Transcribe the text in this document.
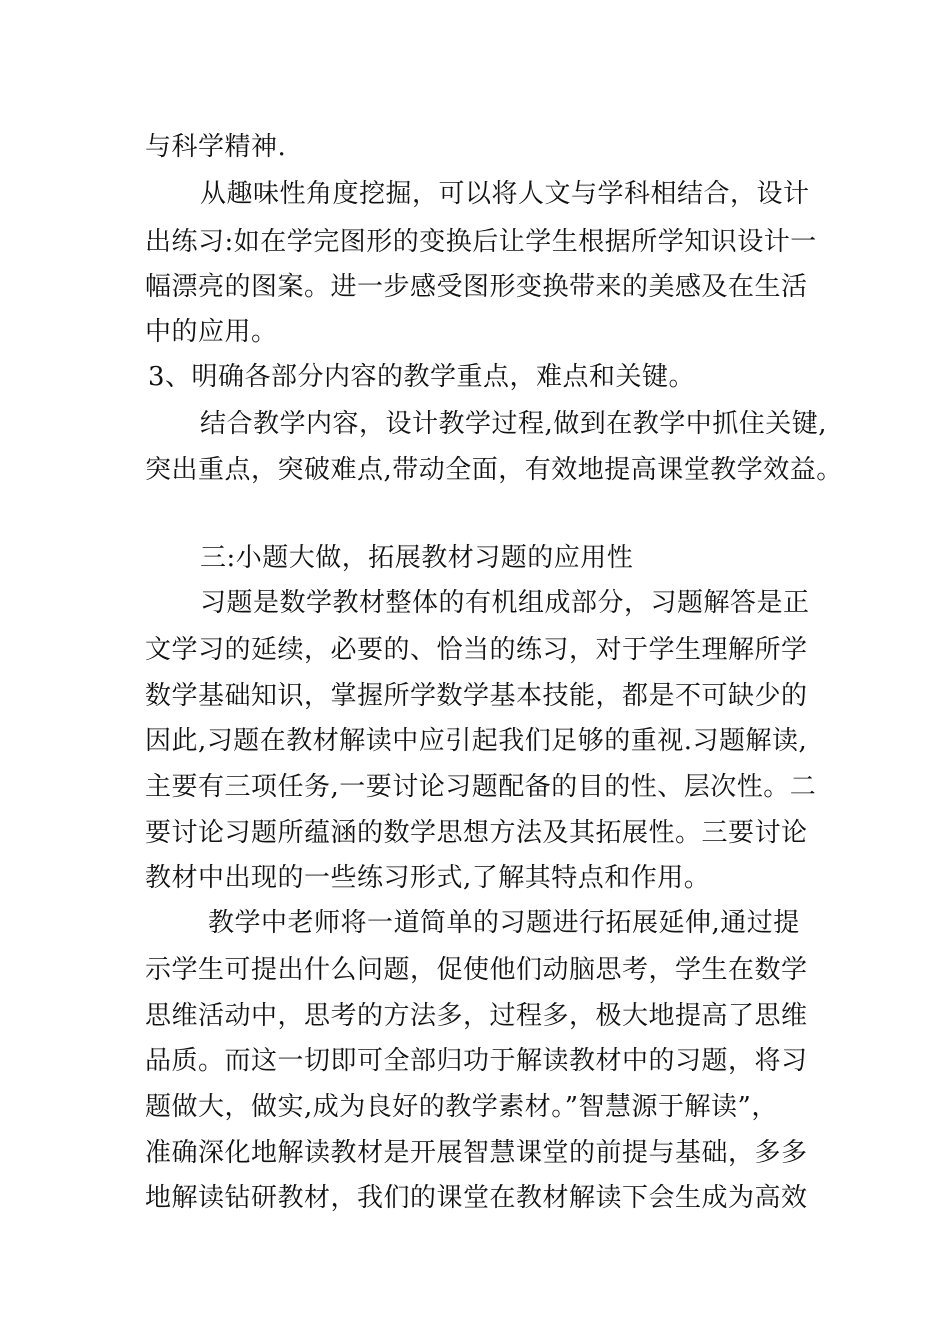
与科学精神.

从趣味性角度挖掘，可以将人文与学科相结合，设计

出练习:如在学完图形的变换后让学生根据所学知识设计一

幅漂亮的图案。进一步感受图形变换带来的美感及在生活

中的应用。

3、明确各部分内容的教学重点，难点和关键。

结合教学内容，设计教学过程,做到在教学中抓住关键,

突出重点，突破难点,带动全面，有效地提高课堂教学效益。

三:小题大做，拓展教材习题的应用性

习题是数学教材整体的有机组成部分，习题解答是正

文学习的延续，必要的、恰当的练习，对于学生理解所学

数学基础知识，掌握所学数学基本技能，都是不可缺少的

因此,习题在教材解读中应引起我们足够的重视.习题解读,

主要有三项任务,一要讨论习题配备的目的性、层次性。二

要讨论习题所蕴涵的数学思想方法及其拓展性。三要讨论

教材中出现的一些练习形式,了解其特点和作用。

教学中老师将一道简单的习题进行拓展延伸,通过提

示学生可提出什么问题，促使他们动脑思考，学生在数学

思维活动中，思考的方法多，过程多，极大地提高了思维

品质。而这一切即可全部归功于解读教材中的习题，将习

题做大，做实,成为良好的教学素材。”智慧源于解读”，

准确深化地解读教材是开展智慧课堂的前提与基础，多多

地解读钻研教材，我们的课堂在教材解读下会生成为高效
